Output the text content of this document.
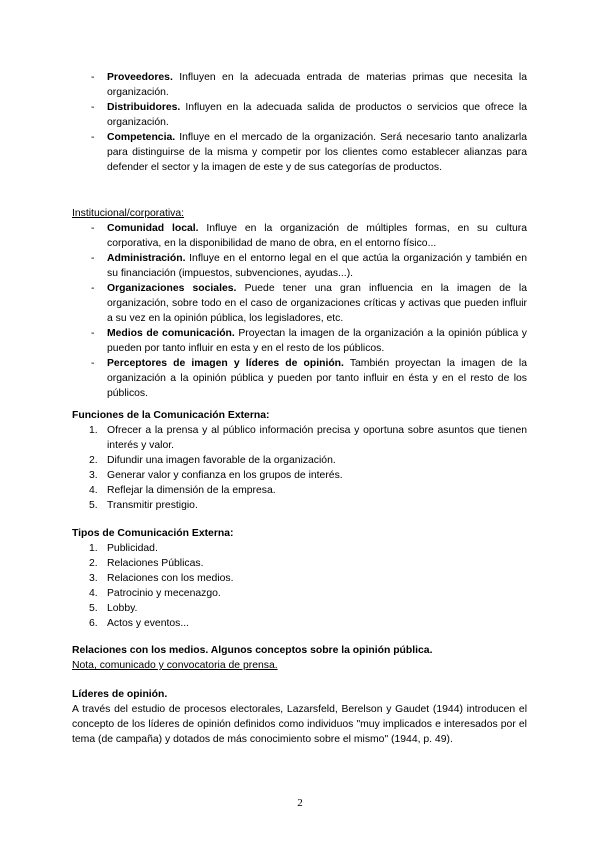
- Proveedores. Influyen en la adecuada entrada de materias primas que necesita la organización.
- Distribuidores. Influyen en la adecuada salida de productos o servicios que ofrece la organización.
- Competencia. Influye en el mercado de la organización. Será necesario tanto analizarla para distinguirse de la misma y competir por los clientes como establecer alianzas para defender el sector y la imagen de este y de sus categorías de productos.
Institucional/corporativa:
- Comunidad local. Influye en la organización de múltiples formas, en su cultura corporativa, en la disponibilidad de mano de obra, en el entorno físico...
- Administración. Influye en el entorno legal en el que actúa la organización y también en su financiación (impuestos, subvenciones, ayudas...).
- Organizaciones sociales. Puede tener una gran influencia en la imagen de la organización, sobre todo en el caso de organizaciones críticas y activas que pueden influir a su vez en la opinión pública, los legisladores, etc.
- Medios de comunicación. Proyectan la imagen de la organización a la opinión pública y pueden por tanto influir en esta y en el resto de los públicos.
- Perceptores de imagen y líderes de opinión. También proyectan la imagen de la organización a la opinión pública y pueden por tanto influir en ésta y en el resto de los públicos.
Funciones de la Comunicación Externa:
1. Ofrecer a la prensa y al público información precisa y oportuna sobre asuntos que tienen interés y valor.
2. Difundir una imagen favorable de la organización.
3. Generar valor y confianza en los grupos de interés.
4. Reflejar la dimensión de la empresa.
5. Transmitir prestigio.
Tipos de Comunicación Externa:
1. Publicidad.
2. Relaciones Públicas.
3. Relaciones con los medios.
4. Patrocinio y mecenazgo.
5. Lobby.
6. Actos y eventos...
Relaciones con los medios. Algunos conceptos sobre la opinión pública.
Nota, comunicado y convocatoria de prensa.
Líderes de opinión.
A través del estudio de procesos electorales, Lazarsfeld, Berelson y Gaudet (1944) introducen el concepto de los líderes de opinión definidos como individuos "muy implicados e interesados por el tema (de campaña) y dotados de más conocimiento sobre el mismo" (1944, p. 49).
2
